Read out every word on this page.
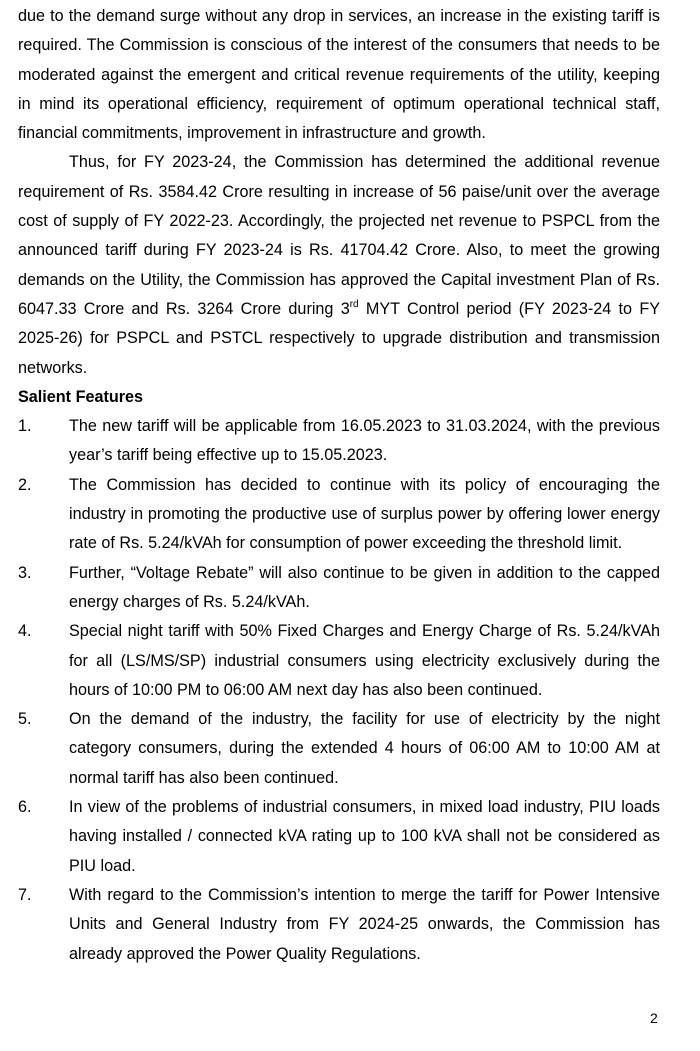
due to the demand surge without any drop in services, an increase in the existing tariff is required. The Commission is conscious of the interest of the consumers that needs to be moderated against the emergent and critical revenue requirements of the utility, keeping in mind its operational efficiency, requirement of optimum operational technical staff, financial commitments, improvement in infrastructure and growth.

Thus, for FY 2023-24, the Commission has determined the additional revenue requirement of Rs. 3584.42 Crore resulting in increase of 56 paise/unit over the average cost of supply of FY 2022-23. Accordingly, the projected net revenue to PSPCL from the announced tariff during FY 2023-24 is Rs. 41704.42 Crore. Also, to meet the growing demands on the Utility, the Commission has approved the Capital investment Plan of Rs. 6047.33 Crore and Rs. 3264 Crore during 3rd MYT Control period (FY 2023-24 to FY 2025-26) for PSPCL and PSTCL respectively to upgrade distribution and transmission networks.

Salient Features

1.	The new tariff will be applicable from 16.05.2023 to 31.03.2024, with the previous year’s tariff being effective up to 15.05.2023.
2.	The Commission has decided to continue with its policy of encouraging the industry in promoting the productive use of surplus power by offering lower energy rate of Rs. 5.24/kVAh for consumption of power exceeding the threshold limit.
3.	Further, “Voltage Rebate” will also continue to be given in addition to the capped energy charges of Rs. 5.24/kVAh.
4.	Special night tariff with 50% Fixed Charges and Energy Charge of Rs. 5.24/kVAh for all (LS/MS/SP) industrial consumers using electricity exclusively during the hours of 10:00 PM to 06:00 AM next day has also been continued.
5.	On the demand of the industry, the facility for use of electricity by the night category consumers, during the extended 4 hours of 06:00 AM to 10:00 AM at normal tariff has also been continued.
6.	In view of the problems of industrial consumers, in mixed load industry, PIU loads having installed / connected kVA rating up to 100 kVA shall not be considered as PIU load.
7.	With regard to the Commission’s intention to merge the tariff for Power Intensive Units and General Industry from FY 2024-25 onwards, the Commission has already approved the Power Quality Regulations.
2
